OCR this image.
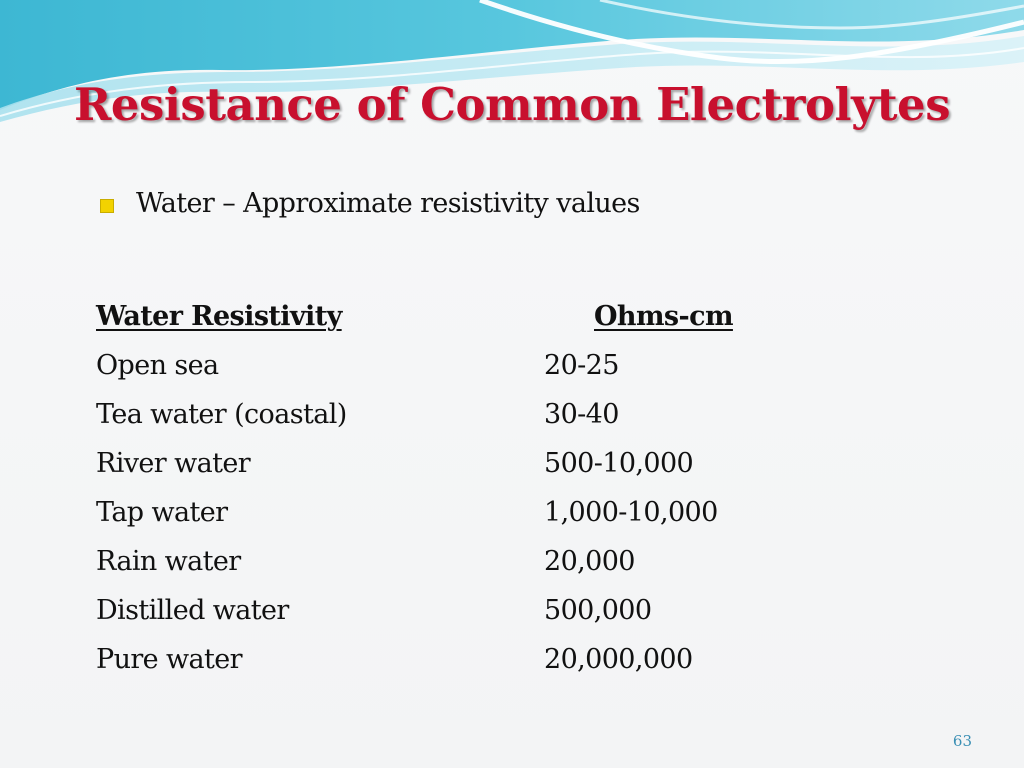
Resistance of Common Electrolytes
Water – Approximate resistivity values
Water Resistivity	Ohms-cm
Open sea	20-25
Tea water (coastal)	30-40
River water	500-10,000
Tap water	1,000-10,000
Rain water	20,000
Distilled water	500,000
Pure water	20,000,000
63
